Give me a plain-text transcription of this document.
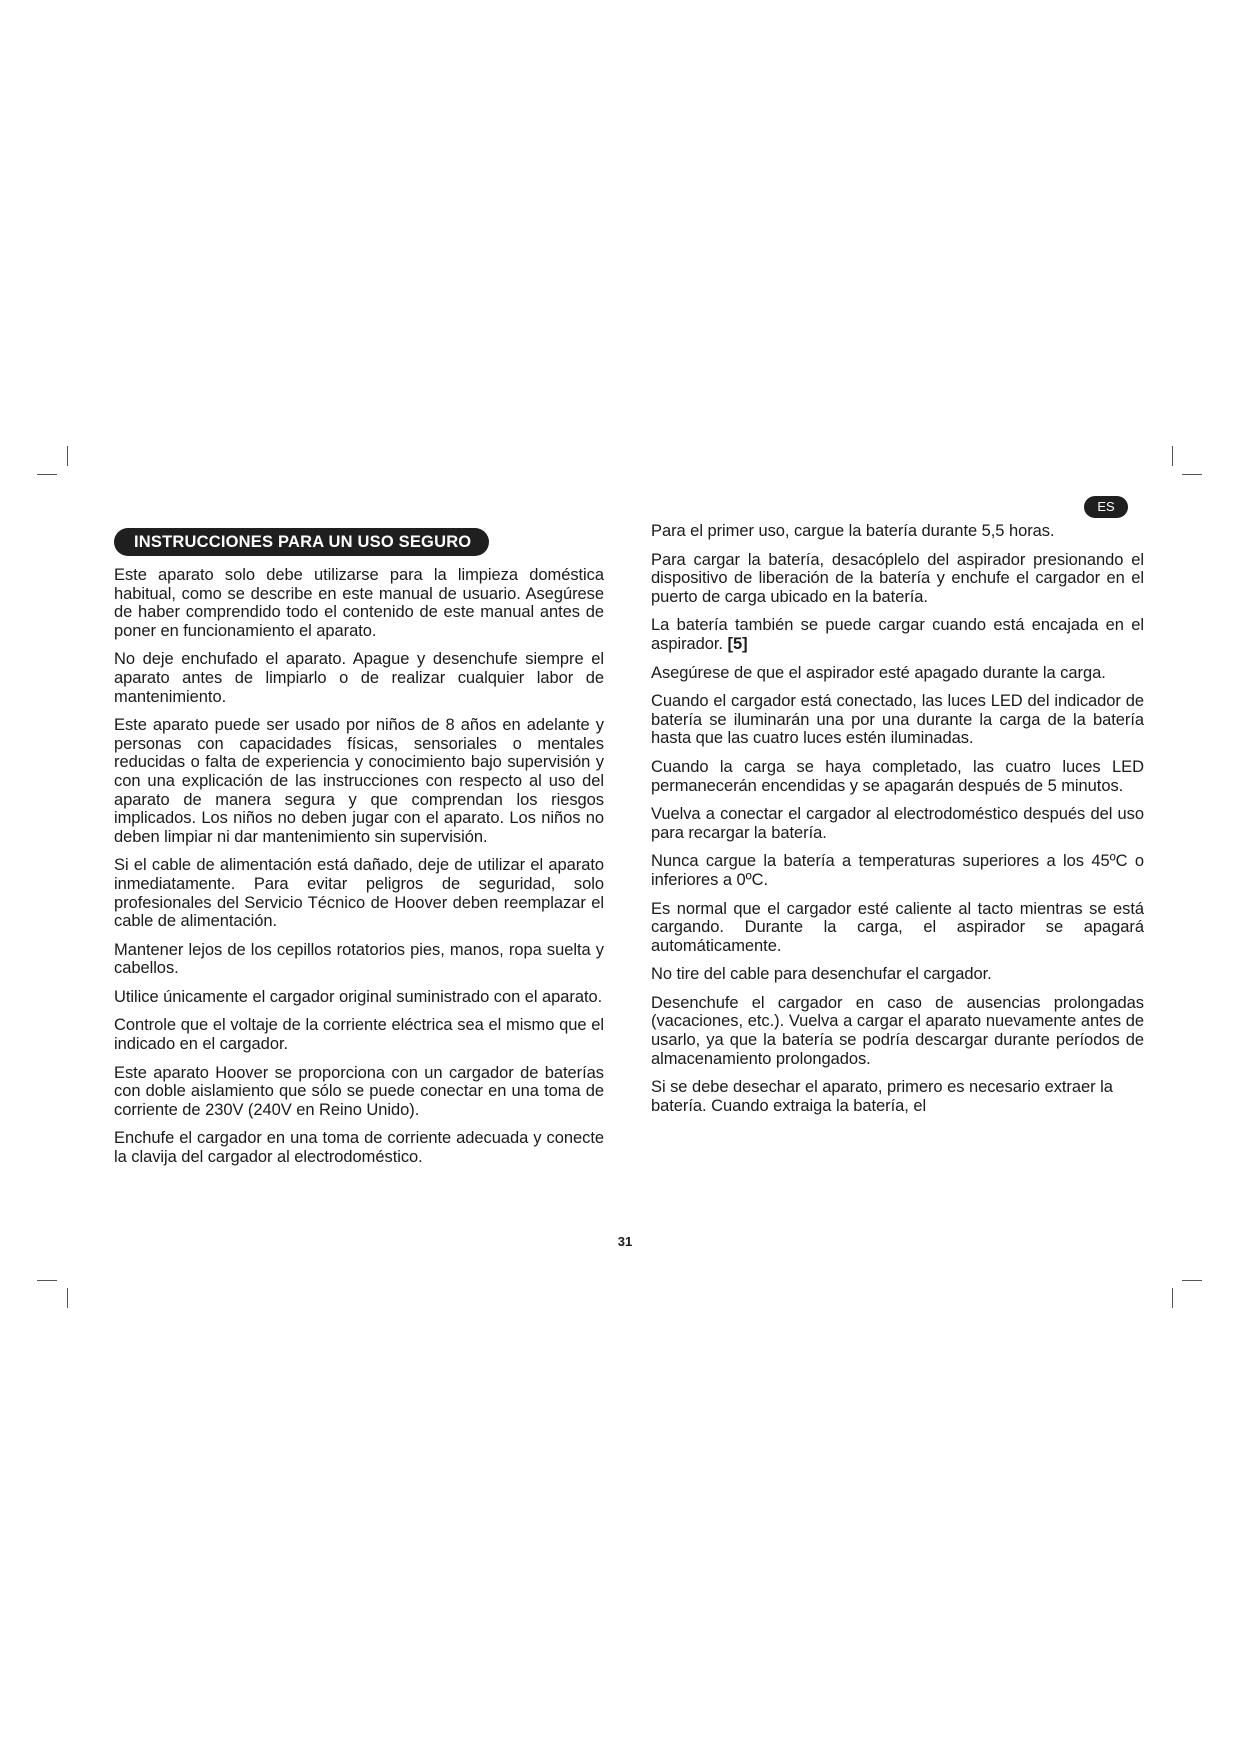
ES
INSTRUCCIONES PARA UN USO SEGURO

Este aparato solo debe utilizarse para la limpieza doméstica habitual, como se describe en este manual de usuario. Asegúrese de haber comprendido todo el contenido de este manual antes de poner en funcionamiento el aparato.

No deje enchufado el aparato. Apague y desenchufe siempre el aparato antes de limpiarlo o de realizar cualquier labor de mantenimiento.

Este aparato puede ser usado por niños de 8 años en adelante y personas con capacidades físicas, sensoriales o mentales reducidas o falta de experiencia y conocimiento bajo supervisión y con una explicación de las instrucciones con respecto al uso del aparato de manera segura y que comprendan los riesgos implicados. Los niños no deben jugar con el aparato. Los niños no deben limpiar ni dar mantenimiento sin supervisión.

Si el cable de alimentación está dañado, deje de utilizar el aparato inmediatamente. Para evitar peligros de seguridad, solo profesionales del Servicio Técnico de Hoover deben reemplazar el cable de alimentación.

Mantener lejos de los cepillos rotatorios pies, manos, ropa suelta y cabellos.

Utilice únicamente el cargador original suministrado con el aparato.

Controle que el voltaje de la corriente eléctrica sea el mismo que el indicado en el cargador.

Este aparato Hoover se proporciona con un cargador de baterías con doble aislamiento que sólo se puede conectar en una toma de corriente de 230V (240V en Reino Unido).

Enchufe el cargador en una toma de corriente adecuada y conecte la clavija del cargador al electrodoméstico.

Para el primer uso, cargue la batería durante 5,5 horas.

Para cargar la batería, desacóplelo del aspirador presionando el dispositivo de liberación de la batería y enchufe el cargador en el puerto de carga ubicado en la batería.

La batería también se puede cargar cuando está encajada en el aspirador. [5]

Asegúrese de que el aspirador esté apagado durante la carga.

Cuando el cargador está conectado, las luces LED del indicador de batería se iluminarán una por una durante la carga de la batería hasta que las cuatro luces estén iluminadas.

Cuando la carga se haya completado, las cuatro luces LED permanecerán encendidas y se apagarán después de 5 minutos.

Vuelva a conectar el cargador al electrodoméstico después del uso para recargar la batería.

Nunca cargue la batería a temperaturas superiores a los 45ºC o inferiores a 0ºC.

Es normal que el cargador esté caliente al tacto mientras se está cargando. Durante la carga, el aspirador se apagará automáticamente.

No tire del cable para desenchufar el cargador.

Desenchufe el cargador en caso de ausencias prolongadas (vacaciones, etc.). Vuelva a cargar el aparato nuevamente antes de usarlo, ya que la batería se podría descargar durante períodos de almacenamiento prolongados.

Si se debe desechar el aparato, primero es necesario extraer la batería. Cuando extraiga la batería, el

31
